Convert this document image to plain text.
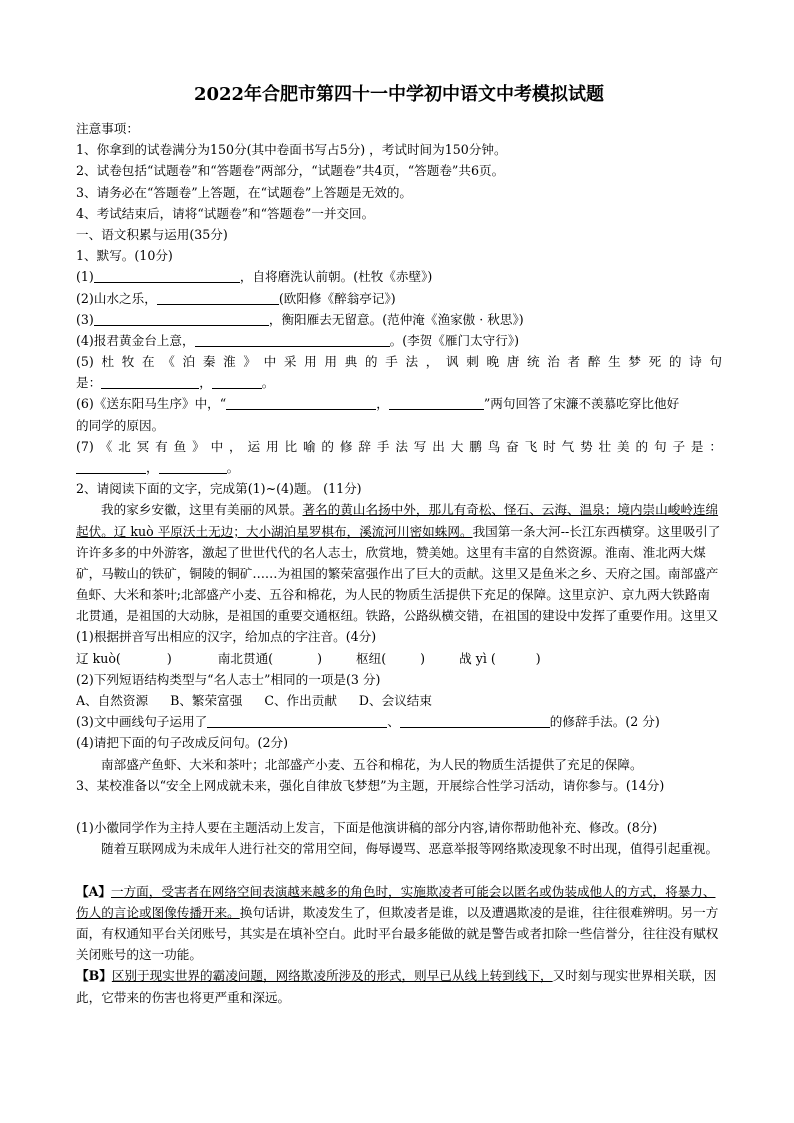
2022年合肥市第四十一中学初中语文中考模拟试题
注意事项：
1、你拿到的试卷满分为150分(其中卷面书写占5分) ，考试时间为150分钟。
2、试卷包括“试题卷”和“答题卷”两部分，“试题卷”共4页，“答题卷”共6页。
3、请务必在“答题卷”上答题，在“试题卷”上答题是无效的。
4、考试结束后，请将“试题卷”和“答题卷”一并交回。
一、语文积累与运用(35分)
1、默写。(10分)
(1)	，自将磨洗认前朝。(杜牧《赤壁》)
(2)山水之乐，	(欧阳修《醉翁亭记》)
(3)	，衡阳雁去无留意。(范仲淹《渔家傲 · 秋思》)
(4)报君黄金台上意，	。(李贺《雁门太守行》)
(5)杜牧在《泊秦淮》中采用用典的手法，讽刺晚唐统治者醉生梦死的诗句
是：	，	。
(6)《送东阳马生序》中，“	，	”两句回答了宋濂不羡慕吃穿比他好
的同学的原因。
(7)《北冥有鱼》中，运用比喻的修辞手法写出大鹏鸟奋飞时气势壮美的句子是：
，	。
2、请阅读下面的文字，完成第(1)~(4)题。 (11分)
我的家乡安徽，这里有美丽的风景。著名的黄山名扬中外，那儿有奇松、怪石、云海、温泉；境内崇山峻岭连绵起伏。辽 kuò 平原沃土无边；大小湖泊星罗棋布，溪流河川密如蛛网。我国第一条大河--长江东西横穿。这里吸引了许许多多的中外游客，激起了世世代代的名人志士，欣赏地，赞美她。这里有丰富的自然资源。淮南、淮北两大煤矿，马鞍山的铁矿，铜陵的铜矿……为祖国的繁荣富强作出了巨大的贡献。这里又是鱼米之乡、天府之国。南部盛产鱼虾、大米和茶叶;北部盛产小麦、五谷和棉花，为人民的物质生活提供下充足的保障。这里京沪、京九两大铁路南北贯通，是祖国的大动脉，是祖国的重要交通枢纽。铁路，公路纵横交错，在祖国的建设中发挥了重要作用。这里又
(1)根据拼音写出相应的汉字，给加点的字注音。(4分)
辽 kuò(	)	南北贯通(	)	枢纽(	)	战 yì (	)
(2)下列短语结构类型与“名人志士”相同的一项是(3 分)
A、自然资源 B、繁荣富强 C、作出贡献 D、会议结束
(3)文中画线句子运用了	、	的修辞手法。(2 分)
(4)请把下面的句子改成反问句。(2分)
南部盛产鱼虾、大米和茶叶；北部盛产小麦、五谷和棉花，为人民的物质生活提供了充足的保障。
3、某校准备以“安全上网成就未来，强化自律放飞梦想”为主题，开展综合性学习活动，请你参与。(14分)
(1)小徽同学作为主持人要在主题活动上发言，下面是他演讲稿的部分内容,请你帮助他补充、修改。(8分)
随着互联网成为未成年人进行社交的常用空间，侮辱谩骂、恶意举报等网络欺凌现象不时出现，值得引起重视。
【A】一方面，受害者在网络空间表演越来越多的角色时，实施欺凌者可能会以匿名或伪装成他人的方式，将暴力、伤人的言论或图像传播开来。换句话讲，欺凌发生了，但欺凌者是谁，以及遭遇欺凌的是谁，往往很难辨明。另一方面，有权通知平台关闭账号，其实是在填补空白。此时平台最多能做的就是警告或者扣除一些信誉分，往往没有赋权关闭账号的这一功能。
【B】区别于现实世界的霸凌问题，网络欺凌所涉及的形式，则早已从线上转到线下，又时刻与现实世界相关联，因此，它带来的伤害也将更严重和深远。
